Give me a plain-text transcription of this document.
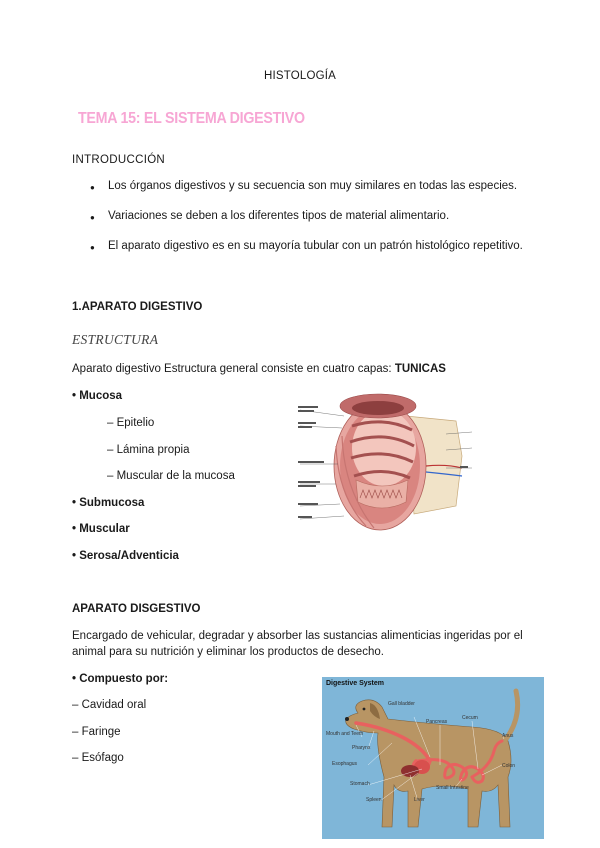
HISTOLOGÍA
TEMA 15: EL SISTEMA DIGESTIVO
INTRODUCCIÓN
● Los órganos digestivos y su secuencia son muy similares en todas las especies.
● Variaciones se deben a los diferentes tipos de material alimentario.
● El aparato digestivo es en su mayoría tubular con un patrón histológico repetitivo.
1.APARATO DIGESTIVO
ESTRUCTURA
Aparato digestivo Estructura general consiste en cuatro capas: TUNICAS
• Mucosa
– Epitelio
– Lámina propia
– Muscular de la mucosa
• Submucosa
• Muscular
• Serosa/Adventicia
APARATO DISGESTIVO
Encargado de vehicular, degradar y absorber las sustancias alimenticias ingeridas por el
animal para su nutrición y eliminar los productos de desecho.
• Compuesto por:
– Cavidad oral
– Faringe
– Esófago
Digestive System
Gall bladder
Pancreas
Cecum
Mouth and Teeth
Pharynx
Anus
Esophagus	Colon
Stomach
Small Intestine
Spleen	Liver
